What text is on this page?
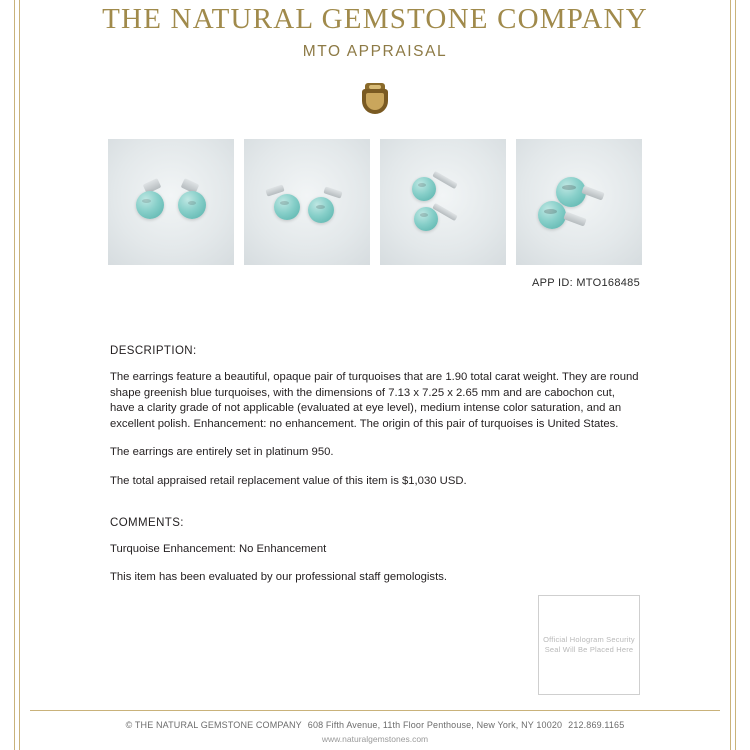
THE NATURAL GEMSTONE COMPANY
MTO APPRAISAL
APP ID: MTO168485
DESCRIPTION:

The earrings feature a beautiful, opaque pair of turquoises that are 1.90 total carat weight. They are round shape greenish blue turquoises, with the dimensions of 7.13 x 7.25 x 2.65 mm and are cabochon cut, have a clarity grade of not applicable (evaluated at eye level), medium intense color saturation, and an excellent polish. Enhancement: no enhancement. The origin of this pair of turquoises is United States.

The earrings are entirely set in platinum 950.

The total appraised retail replacement value of this item is $1,030 USD.

COMMENTS:

Turquoise Enhancement: No Enhancement

This item has been evaluated by our professional staff gemologists.

Official Hologram Security Seal Will Be Placed Here
© THE NATURAL GEMSTONE COMPANY 608 Fifth Avenue, 11th Floor Penthouse, New York, NY 10020 212.869.1165
www.naturalgemstones.com
